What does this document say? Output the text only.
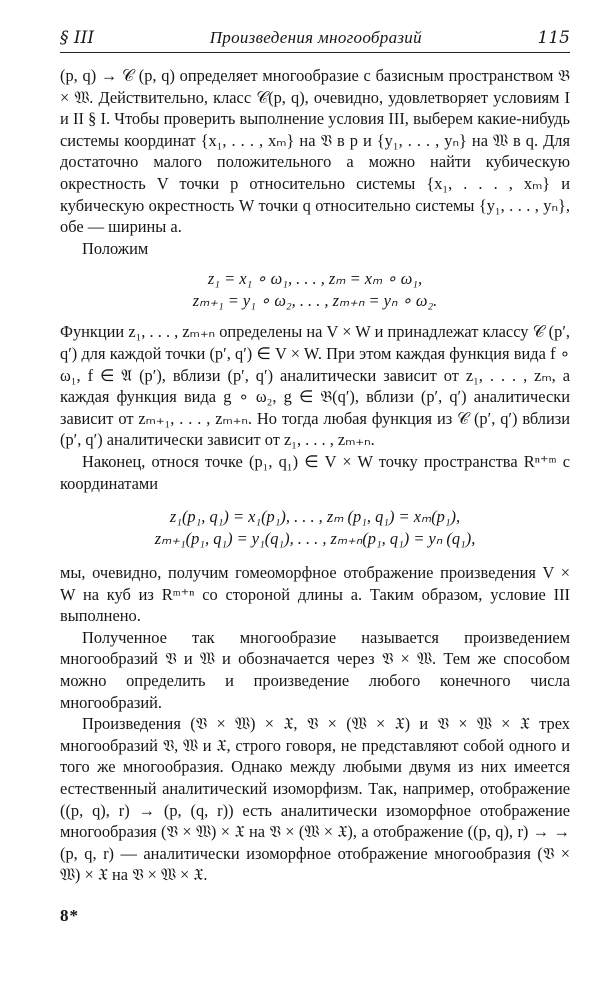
§ III	Произведения многообразий	115

(p, q) → 𝒞 (p, q) определяет многообразие с базисным пространством 𝔅 × 𝔚. Действительно, класс 𝒞(p, q), очевидно, удовлетворяет условиям I и II § I. Чтобы проверить выполнение условия III, выберем какие-нибудь системы координат {x₁, . . . , xₘ} на 𝔙 в p и {y₁, . . . , yₙ} на 𝔚 в q. Для достаточно малого положительного a можно найти кубическую окрестность V точки p относительно системы {x₁, . . . , xₘ} и кубическую окрестность W точки q относительно системы {y₁, . . . , yₙ}, обе — ширины a.

Положим

z₁ = x₁ ∘ ω₁, . . . , zₘ = xₘ ∘ ω₁,

zₘ₊₁ = y₁ ∘ ω₂, . . . , zₘ₊ₙ = yₙ ∘ ω₂.

Функции z₁, . . . , zₘ₊ₙ определены на V × W и принадлежат классу 𝒞 (p′, q′) для каждой точки (p′, q′) ∈ V × W. При этом каждая функция вида f ∘ ω₁, f ∈ 𝔄 (p′), вблизи (p′, q′) аналитически зависит от z₁, . . . , zₘ, а каждая функция вида g ∘ ω₂, g ∈ 𝔅(q′), вблизи (p′, q′) аналитически зависит от zₘ₊₁, . . . , zₘ₊ₙ. Но тогда любая функция из 𝒞 (p′, q′) вблизи (p′, q′) аналитически зависит от z₁, . . . , zₘ₊ₙ.

Наконец, относя точке (p₁, q₁) ∈ V × W точку пространства Rⁿ⁺ᵐ с координатами

z₁(p₁, q₁) = x₁(p₁), . . . , zₘ (p₁, q₁) = xₘ(p₁),

zₘ₊₁(p₁, q₁) = y₁(q₁), . . . , zₘ₊ₙ(p₁, q₁) = yₙ (q₁),

мы, очевидно, получим гомеоморфное отображение произведения V × W на куб из Rᵐ⁺ⁿ со стороной длины a. Таким образом, условие III выполнено.

Полученное так многообразие называется произведением многообразий 𝔙 и 𝔚 и обозначается через 𝔙 × 𝔚. Тем же способом можно определить и произведение любого конечного числа многообразий.

Произведения (𝔙 × 𝔚) × 𝔛, 𝔙 × (𝔚 × 𝔛) и 𝔙 × 𝔚 × 𝔛 трех многообразий 𝔙, 𝔚 и 𝔛, строго говоря, не представляют собой одного и того же многообразия. Однако между любыми двумя из них имеется естественный аналитический изоморфизм. Так, например, отображение ((p, q), r) → (p, (q, r)) есть аналитически изоморфное отображение многообразия (𝔙 × 𝔚) × 𝔛 на 𝔙 × (𝔚 × 𝔛), а отображение ((p, q), r) → → (p, q, r) — аналитически изоморфное отображение многообразия (𝔙 × 𝔚) × 𝔛 на 𝔙 × 𝔚 × 𝔛.

8*
